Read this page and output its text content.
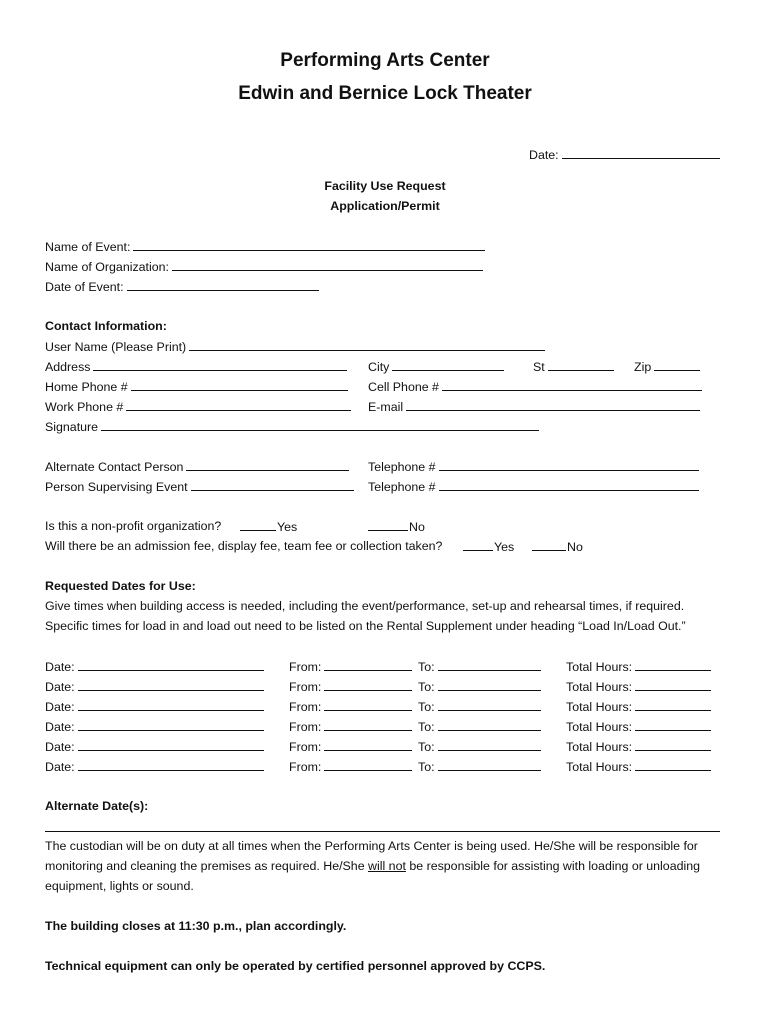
Performing Arts Center
Edwin and Bernice Lock Theater
Date:
Facility Use Request
Application/Permit
Name of Event:
Name of Organization:
Date of Event:
Contact Information:
User Name (Please Print)
Address	City	St	Zip
Home Phone #	Cell Phone #
Work Phone #	E-mail
Signature
Alternate Contact Person	Telephone #
Person Supervising Event	Telephone #
Is this a non-profit organization?	Yes	No
Will there be an admission fee, display fee, team fee or collection taken?	Yes	No
Requested Dates for Use:
Give times when building access is needed, including the event/performance, set-up and rehearsal times, if required.
Specific times for load in and load out need to be listed on the Rental Supplement under heading “Load In/Load Out.”
Date:	From:	To:	Total Hours:
Date:	From:	To:	Total Hours:
Date:	From:	To:	Total Hours:
Date:	From:	To:	Total Hours:
Date:	From:	To:	Total Hours:
Date:	From:	To:	Total Hours:
Alternate Date(s):
The custodian will be on duty at all times when the Performing Arts Center is being used. He/She will be responsible for
monitoring and cleaning the premises as required. He/She will not be responsible for assisting with loading or unloading
equipment, lights or sound.
The building closes at 11:30 p.m., plan accordingly.
Technical equipment can only be operated by certified personnel approved by CCPS.
